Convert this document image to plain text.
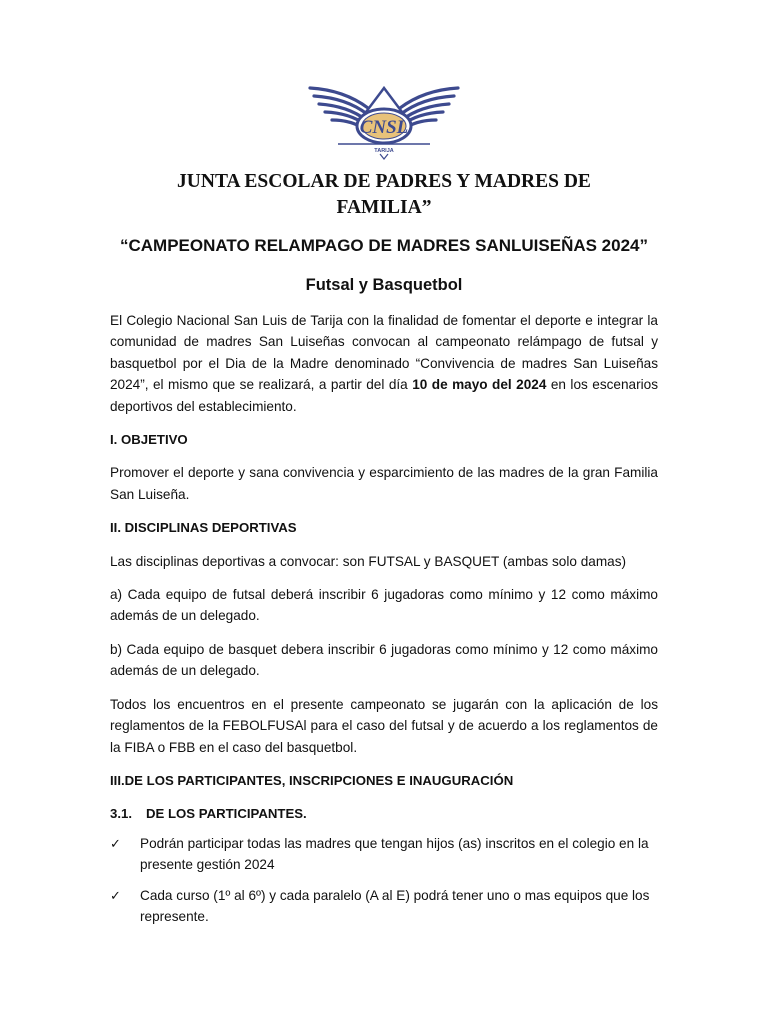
CNSL
TARIJA
JUNTA ESCOLAR DE PADRES Y MADRES DE
FAMILIA”
“CAMPEONATO RELAMPAGO DE MADRES SANLUISEÑAS 2024”
Futsal y Basquetbol

El Colegio Nacional San Luis de Tarija con la finalidad de fomentar el deporte e integrar la comunidad de madres San Luiseñas convocan al campeonato relámpago de futsal y basquetbol por el Dia de la Madre denominado “Convivencia de madres San Luiseñas 2024”, el mismo que se realizará, a partir del día 10 de mayo del 2024 en los escenarios deportivos del establecimiento.

I. OBJETIVO

Promover el deporte y sana convivencia y esparcimiento de las madres de la gran Familia San Luiseña.

II. DISCIPLINAS DEPORTIVAS

Las disciplinas deportivas a convocar: son FUTSAL y BASQUET (ambas solo damas)

a) Cada equipo de futsal deberá inscribir 6 jugadoras como mínimo y 12 como máximo además de un delegado.

b) Cada equipo de basquet debera inscribir 6 jugadoras como mínimo y 12 como máximo además de un delegado.

Todos los encuentros en el presente campeonato se jugarán con la aplicación de los reglamentos de la FEBOLFUSAl para el caso del futsal y de acuerdo a los reglamentos de la FIBA o FBB en el caso del basquetbol.

III.DE LOS PARTICIPANTES, INSCRIPCIONES E INAUGURACIÓN
3.1. DE LOS PARTICIPANTES.
✓	Podrán participar todas las madres que tengan hijos (as) inscritos en el colegio en la presente gestión 2024

✓	Cada curso (1º al 6º) y cada paralelo (A al E) podrá tener uno o mas equipos que los represente.
